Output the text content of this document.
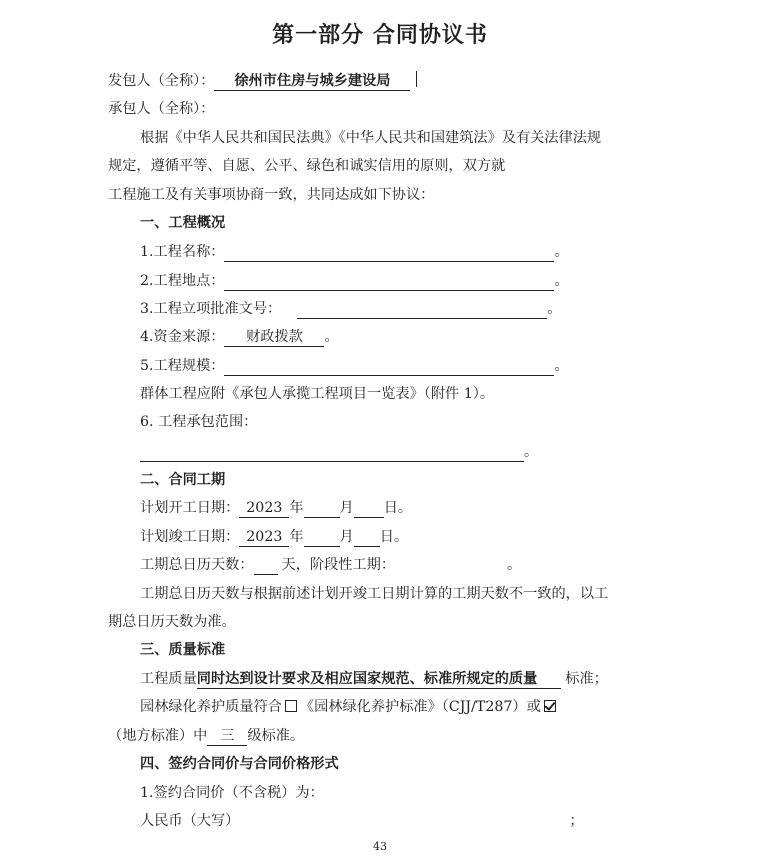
第一部分 合同协议书
发包人（全称）： 徐州市住房与城乡建设局
承包人（全称）：
根据《中华人民共和国民法典》《中华人民共和国建筑法》及有关法律法规
规定，遵循平等、自愿、公平、绿色和诚实信用的原则，双方就
工程施工及有关事项协商一致，共同达成如下协议：
一、工程概况
1.工程名称：	。
2.工程地点：	。
3.工程立项批准文号：	。
4.资金来源： 财政拨款 。
5.工程规模：	。
群体工程应附《承包人承揽工程项目一览表》（附件 1）。
6. 工程承包范围：
。
二、合同工期
计划开工日期： 2023 年	月 日。
计划竣工日期： 2023 年	月 日。
工期总日历天数： 天，阶段性工期：	。
工期总日历天数与根据前述计划开竣工日期计算的工期天数不一致的，以工
期总日历天数为准。
三、质量标准
工程质量同时达到设计要求及相应国家规范、标准所规定的质量 标准；
园林绿化养护质量符合 《园林绿化养护标准》（CJJ/T287）或
（地方标准）中 三 级标准。
四、签约合同价与合同价格形式
1.签约合同价（不含税）为：
人民币（大写）	；
43
